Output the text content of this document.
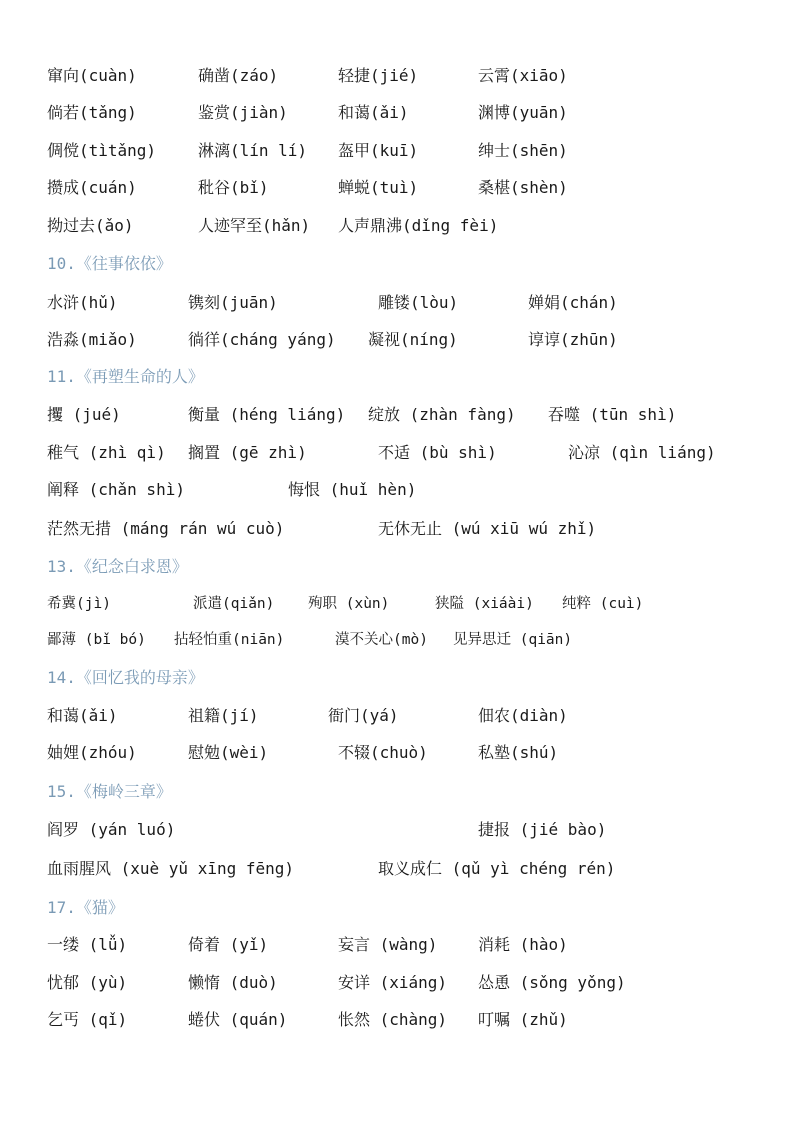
窜向(cuàn)	确凿(záo)	轻捷(jié)	云霄(xiāo)
倘若(tǎng)	鉴赏(jiàn)	和蔼(ǎi)	渊博(yuān)
倜傥(tìtǎng)	淋漓(lín lí) 盔甲(kuī)	绅士(shēn)
攒成(cuán)	秕谷(bǐ)	蝉蜕(tuì)	桑椹(shèn)
拗过去(ǎo)	人迹罕至(hǎn) 人声鼎沸(dǐng fèi)
10.《往事依依》
水浒(hǔ)	镌刻(juān)	雕镂(lòu)	婵娟(chán)
浩淼(miǎo)	徜徉(cháng yáng) 凝视(níng)	谆谆(zhūn)
11.《再塑生命的人》
攫 (jué)	衡量 (héng liáng) 绽放 (zhàn fàng) 吞噬 (tūn shì)
稚气 (zhì qì) 搁置 (gē zhì)	不适 (bù shì)	沁凉 (qìn liáng)
阐释 (chǎn shì)	悔恨 (huǐ hèn)
茫然无措 (máng rán wú cuò)	无休无止 (wú xiū wú zhǐ)
13.《纪念白求恩》
希冀(jì)	派遣(qiǎn) 殉职 (xùn)	狭隘 (xiáài) 纯粹 (cuì)
鄙薄 (bǐ bó) 拈轻怕重(niān)	漠不关心(mò) 见异思迁 (qiān)
14.《回忆我的母亲》
和蔼(ǎi)	祖籍(jí)	衙门(yá)	佃农(diàn)
妯娌(zhóu)	慰勉(wèi)	不辍(chuò)	私塾(shú)
15.《梅岭三章》
阎罗 (yán luó)	捷报 (jié bào)
血雨腥风 (xuè yǔ xīng fēng)	取义成仁 (qǔ yì chéng rén)
17.《猫》
一缕 (lǚ)	倚着 (yǐ)	妄言 (wàng)	消耗 (hào)
忧郁 (yù)	懒惰 (duò)	安详 (xiáng) 怂恿 (sǒng yǒng)
乞丐 (qǐ)	蜷伏 (quán)	怅然 (chàng) 叮嘱 (zhǔ)
